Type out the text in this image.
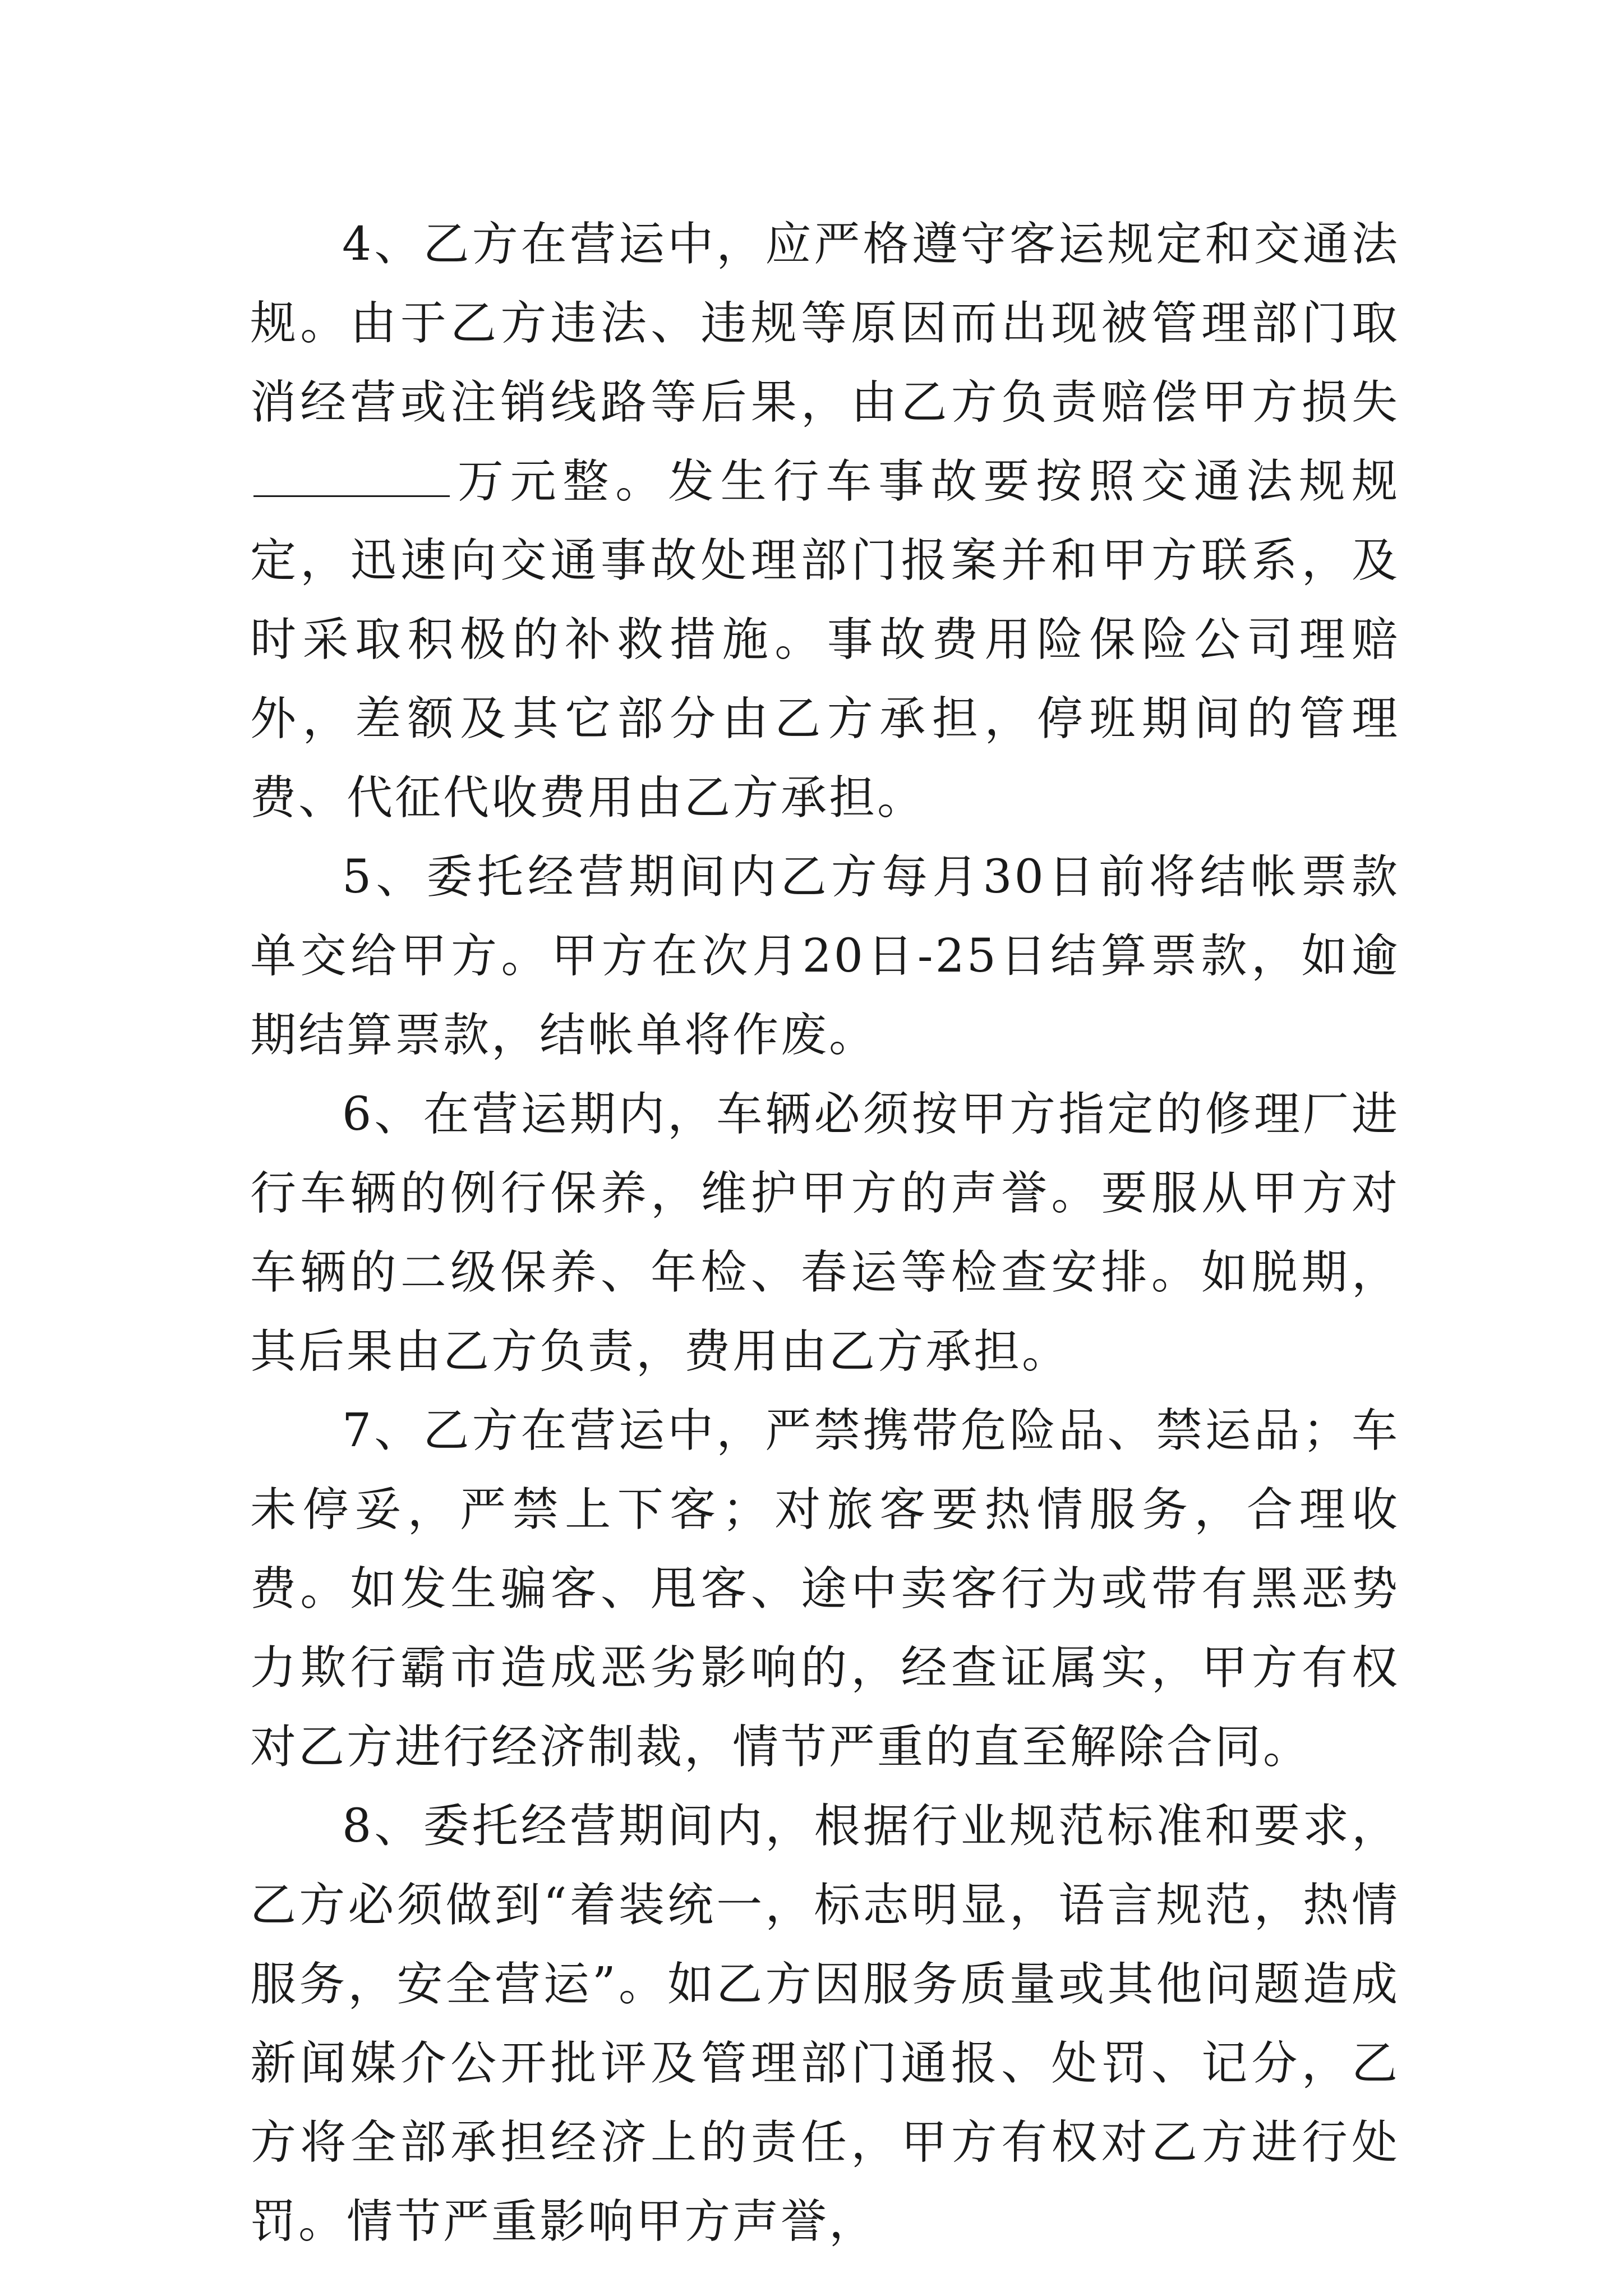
4、乙方在营运中，应严格遵守客运规定和交通法规。由于乙方违法、违规等原因而出现被管理部门取消经营或注销线路等后果，由乙方负责赔偿甲方损失万元整。发生行车事故要按照交通法规规定，迅速向交通事故处理部门报案并和甲方联系，及时采取积极的补救措施。事故费用险保险公司理赔外，差额及其它部分由乙方承担，停班期间的管理费、代征代收费用由乙方承担。

5、委托经营期间内乙方每月30日前将结帐票款单交给甲方。甲方在次月20日-25日结算票款，如逾期结算票款，结帐单将作废。

6、在营运期内，车辆必须按甲方指定的修理厂进行车辆的例行保养，维护甲方的声誉。要服从甲方对车辆的二级保养、年检、春运等检查安排。如脱期，其后果由乙方负责，费用由乙方承担。

7、乙方在营运中，严禁携带危险品、禁运品；车未停妥，严禁上下客；对旅客要热情服务，合理收费。如发生骗客、甩客、途中卖客行为或带有黑恶势力欺行霸市造成恶劣影响的，经查证属实，甲方有权对乙方进行经济制裁，情节严重的直至解除合同。

8、委托经营期间内，根据行业规范标准和要求，乙方必须做到“着装统一，标志明显，语言规范，热情服务，安全营运”。如乙方因服务质量或其他问题造成新闻媒介公开批评及管理部门通报、处罚、记分，乙方将全部承担经济上的责任，甲方有权对乙方进行处罚。情节严重影响甲方声誉，
